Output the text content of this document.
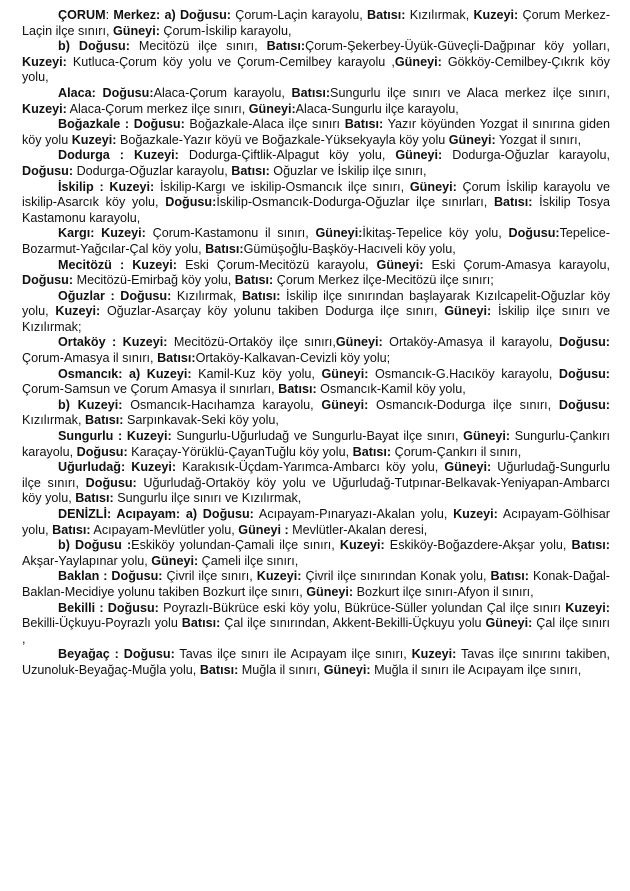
ÇORUM: Merkez: a) Doğusu: Çorum-Laçin karayolu, Batısı: Kızılırmak, Kuzeyi: Çorum Merkez-Laçin ilçe sınırı, Güneyi: Çorum-İskilip karayolu,

b) Doğusu: Mecitözü ilçe sınırı, Batısı:Çorum-Şekerbey-Üyük-Güveçli-Dağpınar köy yolları, Kuzeyi: Kutluca-Çorum köy yolu ve Çorum-Cemilbey karayolu ,Güneyi: Gökköy-Cemilbey-Çıkrık köy yolu,

Alaca: Doğusu:Alaca-Çorum karayolu, Batısı:Sungurlu ilçe sınırı ve Alaca merkez ilçe sınırı, Kuzeyi: Alaca-Çorum merkez ilçe sınırı, Güneyi:Alaca-Sungurlu ilçe karayolu,

Boğazkale : Doğusu: Boğazkale-Alaca ilçe sınırı Batısı: Yazır köyünden Yozgat il sınırına giden köy yolu Kuzeyi: Boğazkale-Yazır köyü ve Boğazkale-Yüksekyayla köy yolu Güneyi: Yozgat il sınırı,

Dodurga : Kuzeyi: Dodurga-Çiftlik-Alpagut köy yolu, Güneyi: Dodurga-Oğuzlar karayolu, Doğusu: Dodurga-Oğuzlar karayolu, Batısı: Oğuzlar ve İskilip ilçe sınırı,

İskilip : Kuzeyi: İskilip-Kargı ve iskilip-Osmancık ilçe sınırı, Güneyi: Çorum İskilip karayolu ve iskilip-Asarcık köy yolu, Doğusu:İskilip-Osmancık-Dodurga-Oğuzlar ilçe sınırları, Batısı: İskilip Tosya Kastamonu karayolu,

Kargı: Kuzeyi: Çorum-Kastamonu il sınırı, Güneyi:İkitaş-Tepelice köy yolu, Doğusu:Tepelice-Bozarmut-Yağcılar-Çal köy yolu, Batısı:Gümüşoğlu-Başköy-Hacıveli köy yolu,

Mecitözü : Kuzeyi: Eski Çorum-Mecitözü karayolu, Güneyi: Eski Çorum-Amasya karayolu, Doğusu: Mecitözü-Emirbağ köy yolu, Batısı: Çorum Merkez ilçe-Mecitözü ilçe sınırı;

Oğuzlar : Doğusu: Kızılırmak, Batısı: İskilip ilçe sınırından başlayarak Kızılcapelit-Oğuzlar köy yolu, Kuzeyi: Oğuzlar-Asarçay köy yolunu takiben Dodurga ilçe sınırı, Güneyi: İskilip ilçe sınırı ve Kızılırmak;

Ortaköy : Kuzeyi: Mecitözü-Ortaköy ilçe sınırı,Güneyi: Ortaköy-Amasya il karayolu, Doğusu: Çorum-Amasya il sınırı, Batısı:Ortaköy-Kalkavan-Cevizli köy yolu;

Osmancık: a) Kuzeyi: Kamil-Kuz köy yolu, Güneyi: Osmancık-G.Hacıköy karayolu, Doğusu: Çorum-Samsun ve Çorum Amasya il sınırları, Batısı: Osmancık-Kamil köy yolu,

b) Kuzeyi: Osmancık-Hacıhamza karayolu, Güneyi: Osmancık-Dodurga ilçe sınırı, Doğusu: Kızılırmak, Batısı: Sarpınkavak-Seki köy yolu,

Sungurlu : Kuzeyi: Sungurlu-Uğurludağ ve Sungurlu-Bayat ilçe sınırı, Güneyi: Sungurlu-Çankırı karayolu, Doğusu: Karaçay-Yörüklü-ÇayanTuğlu köy yolu, Batısı: Çorum-Çankırı il sınırı,

Uğurludağ: Kuzeyi: Karakısık-Üçdam-Yarımca-Ambarcı köy yolu, Güneyi: Uğurludağ-Sungurlu ilçe sınırı, Doğusu: Uğurludağ-Ortaköy köy yolu ve Uğurludağ-Tutpınar-Belkavak-Yeniyapan-Ambarcı köy yolu, Batısı: Sungurlu ilçe sınırı ve Kızılırmak,

DENİZLİ: Acıpayam: a) Doğusu: Acıpayam-Pınaryazı-Akalan yolu, Kuzeyi: Acıpayam-Gölhisar yolu, Batısı: Acıpayam-Mevlütler yolu, Güneyi : Mevlütler-Akalan deresi,

b) Doğusu :Eskiköy yolundan-Çamali ilçe sınırı, Kuzeyi: Eskiköy-Boğazdere-Akşar yolu, Batısı: Akşar-Yaylapınar yolu, Güneyi: Çameli ilçe sınırı,

Baklan : Doğusu: Çivril ilçe sınırı, Kuzeyi: Çivril ilçe sınırından Konak yolu, Batısı: Konak-Dağal-Baklan-Mecidiye yolunu takiben Bozkurt ilçe sınırı, Güneyi: Bozkurt ilçe sınırı-Afyon il sınırı,

Bekilli : Doğusu: Poyrazlı-Bükrüce eski köy yolu, Bükrüce-Süller yolundan Çal ilçe sınırı Kuzeyi: Bekilli-Üçkuyu-Poyrazlı yolu Batısı: Çal ilçe sınırından, Akkent-Bekilli-Üçkuyu yolu Güneyi: Çal ilçe sınırı ,

Beyağaç : Doğusu: Tavas ilçe sınırı ile Acıpayam ilçe sınırı, Kuzeyi: Tavas ilçe sınırını takiben, Uzunoluk-Beyağaç-Muğla yolu, Batısı: Muğla il sınırı, Güneyi: Muğla il sınırı ile Acıpayam ilçe sınırı,
